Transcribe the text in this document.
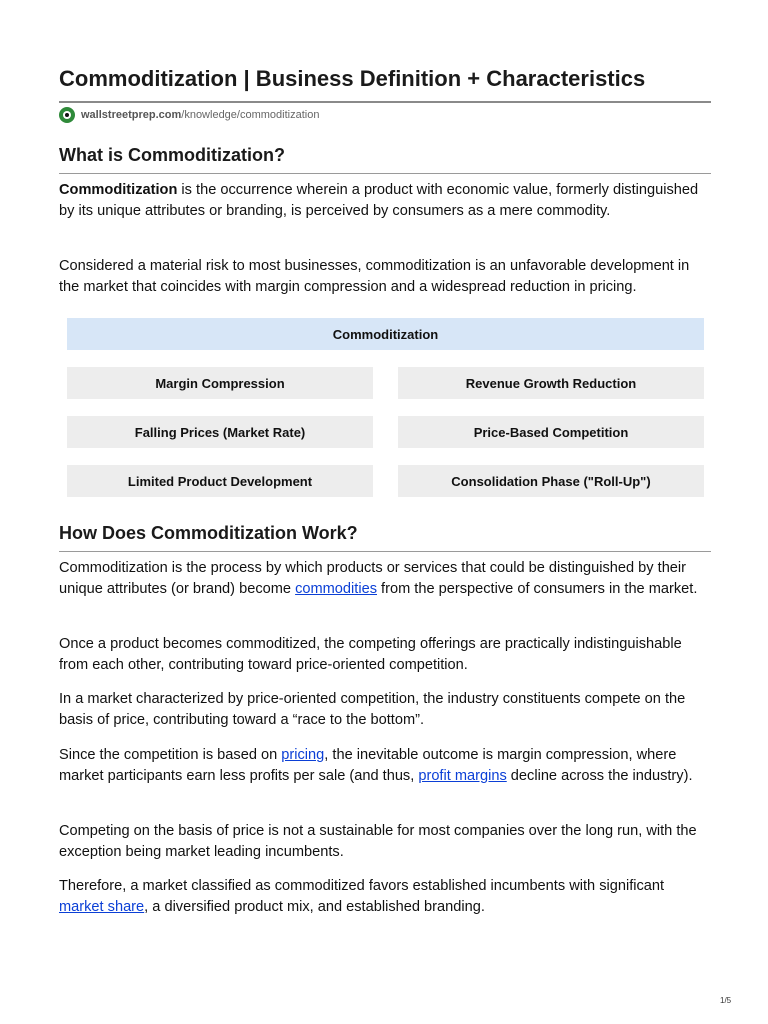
Commoditization | Business Definition + Characteristics
wallstreetprep.com /knowledge/commoditization
What is Commoditization?

Commoditization is the occurrence wherein a product with economic value, formerly distinguished by its unique attributes or branding, is perceived by consumers as a mere commodity.

Considered a material risk to most businesses, commoditization is an unfavorable development in the market that coincides with margin compression and a widespread reduction in pricing.

Commoditization
Margin Compression	Revenue Growth Reduction
Falling Prices (Market Rate)	Price-Based Competition
Limited Product Development	Consolidation Phase ("Roll-Up")
How Does Commoditization Work?

Commoditization is the process by which products or services that could be distinguished by their unique attributes (or brand) become commodities from the perspective of consumers in the market.

Once a product becomes commoditized, the competing offerings are practically indistinguishable from each other, contributing toward price-oriented competition.

In a market characterized by price-oriented competition, the industry constituents compete on the basis of price, contributing toward a “race to the bottom”.

Since the competition is based on pricing, the inevitable outcome is margin compression, where market participants earn less profits per sale (and thus, profit margins decline across the industry).

Competing on the basis of price is not a sustainable for most companies over the long run, with the exception being market leading incumbents.

Therefore, a market classified as commoditized favors established incumbents with significant market share, a diversified product mix, and established branding.

1/5
